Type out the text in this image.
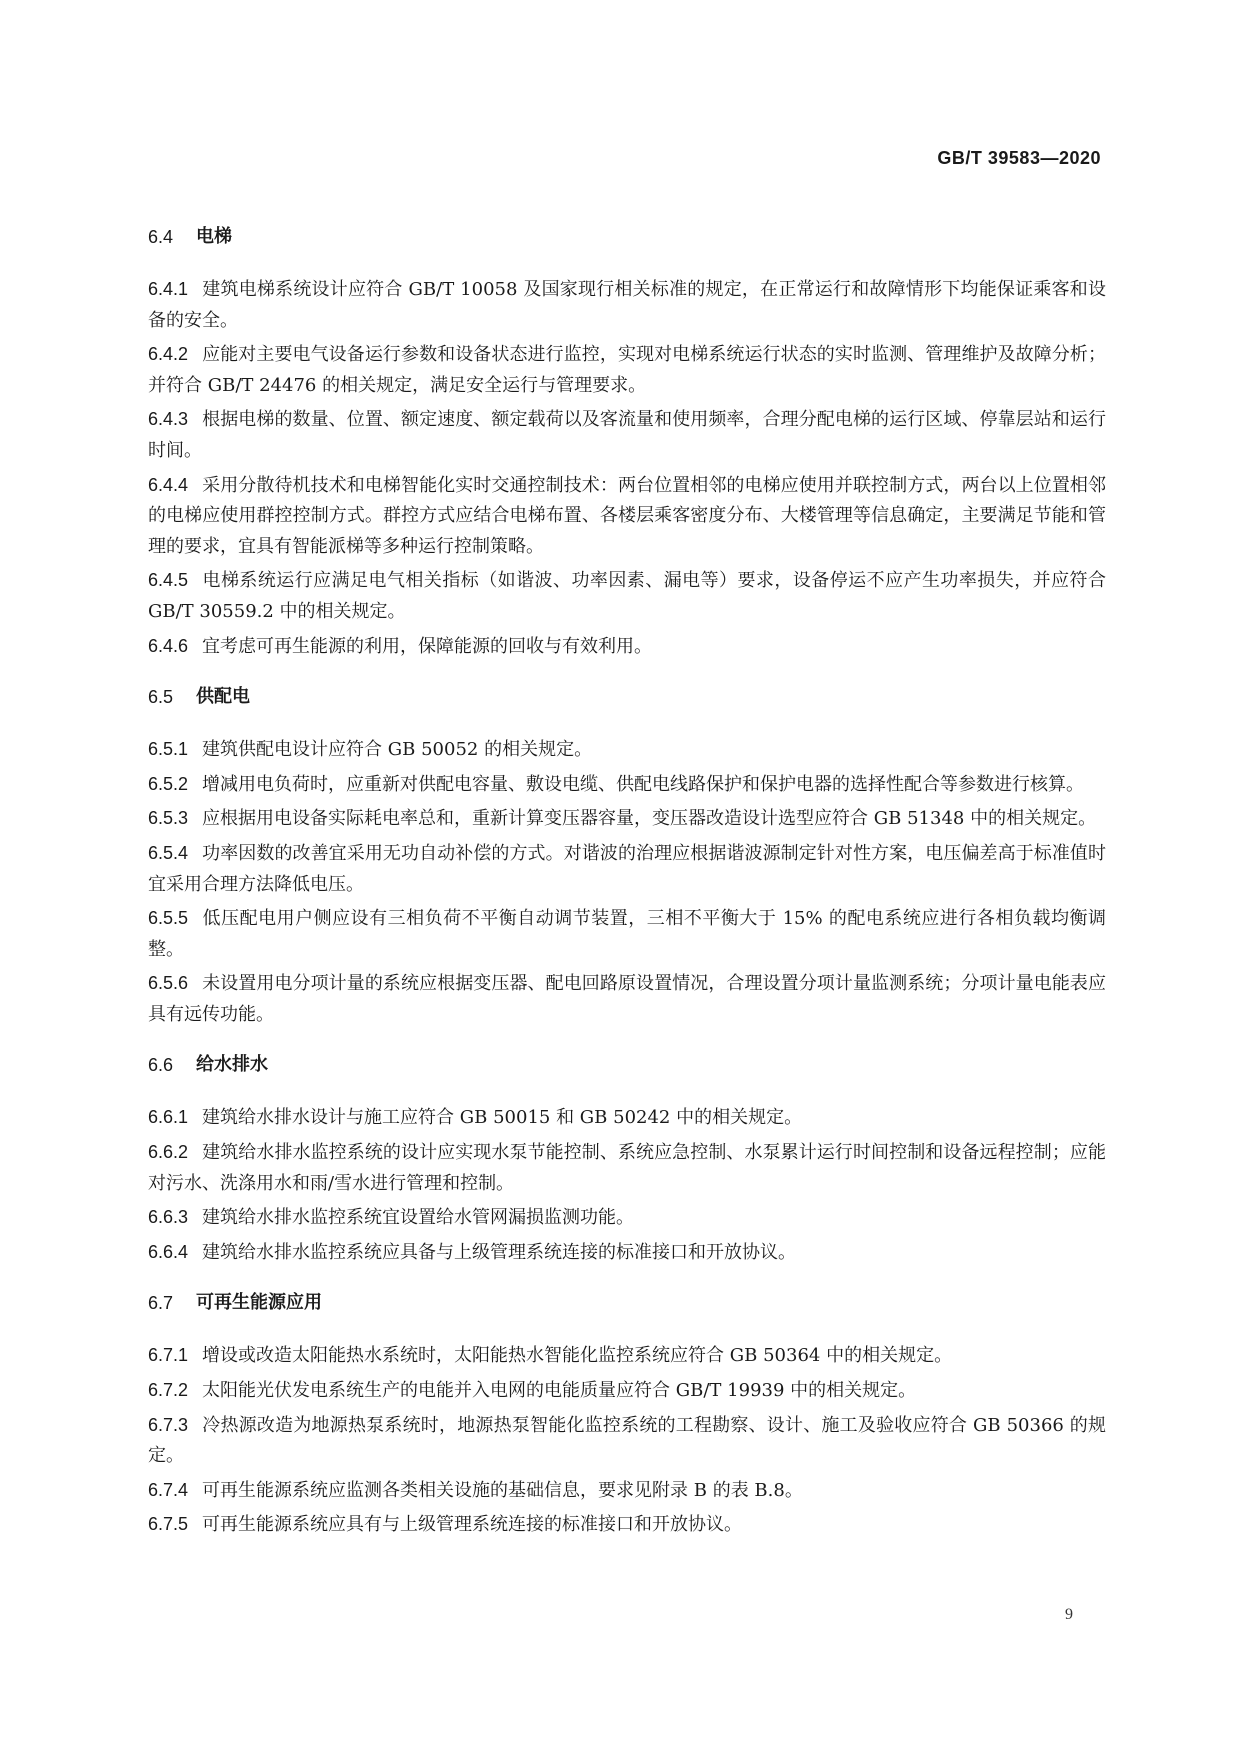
GB/T 39583—2020
6.4	电梯

6.4.1 建筑电梯系统设计应符合 GB/T 10058 及国家现行相关标准的规定，在正常运行和故障情形下均能保证乘客和设备的安全。

6.4.2 应能对主要电气设备运行参数和设备状态进行监控，实现对电梯系统运行状态的实时监测、管理维护及故障分析；并符合 GB/T 24476 的相关规定，满足安全运行与管理要求。

6.4.3 根据电梯的数量、位置、额定速度、额定载荷以及客流量和使用频率，合理分配电梯的运行区域、停靠层站和运行时间。

6.4.4 采用分散待机技术和电梯智能化实时交通控制技术：两台位置相邻的电梯应使用并联控制方式，两台以上位置相邻的电梯应使用群控控制方式。群控方式应结合电梯布置、各楼层乘客密度分布、大楼管理等信息确定，主要满足节能和管理的要求，宜具有智能派梯等多种运行控制策略。

6.4.5 电梯系统运行应满足电气相关指标（如谐波、功率因素、漏电等）要求，设备停运不应产生功率损失，并应符合 GB/T 30559.2 中的相关规定。

6.4.6 宜考虑可再生能源的利用，保障能源的回收与有效利用。

6.5	供配电

6.5.1 建筑供配电设计应符合 GB 50052 的相关规定。

6.5.2 增减用电负荷时，应重新对供配电容量、敷设电缆、供配电线路保护和保护电器的选择性配合等参数进行核算。

6.5.3 应根据用电设备实际耗电率总和，重新计算变压器容量，变压器改造设计选型应符合 GB 51348 中的相关规定。

6.5.4 功率因数的改善宜采用无功自动补偿的方式。对谐波的治理应根据谐波源制定针对性方案，电压偏差高于标准值时宜采用合理方法降低电压。

6.5.5 低压配电用户侧应设有三相负荷不平衡自动调节装置，三相不平衡大于 15% 的配电系统应进行各相负载均衡调整。

6.5.6 未设置用电分项计量的系统应根据变压器、配电回路原设置情况，合理设置分项计量监测系统；分项计量电能表应具有远传功能。

6.6	给水排水

6.6.1 建筑给水排水设计与施工应符合 GB 50015 和 GB 50242 中的相关规定。

6.6.2 建筑给水排水监控系统的设计应实现水泵节能控制、系统应急控制、水泵累计运行时间控制和设备远程控制；应能对污水、洗涤用水和雨/雪水进行管理和控制。

6.6.3 建筑给水排水监控系统宜设置给水管网漏损监测功能。

6.6.4 建筑给水排水监控系统应具备与上级管理系统连接的标准接口和开放协议。

6.7	可再生能源应用

6.7.1 增设或改造太阳能热水系统时，太阳能热水智能化监控系统应符合 GB 50364 中的相关规定。

6.7.2 太阳能光伏发电系统生产的电能并入电网的电能质量应符合 GB/T 19939 中的相关规定。

6.7.3 冷热源改造为地源热泵系统时，地源热泵智能化监控系统的工程勘察、设计、施工及验收应符合 GB 50366 的规定。

6.7.4 可再生能源系统应监测各类相关设施的基础信息，要求见附录 B 的表 B.8。

6.7.5 可再生能源系统应具有与上级管理系统连接的标准接口和开放协议。

9
